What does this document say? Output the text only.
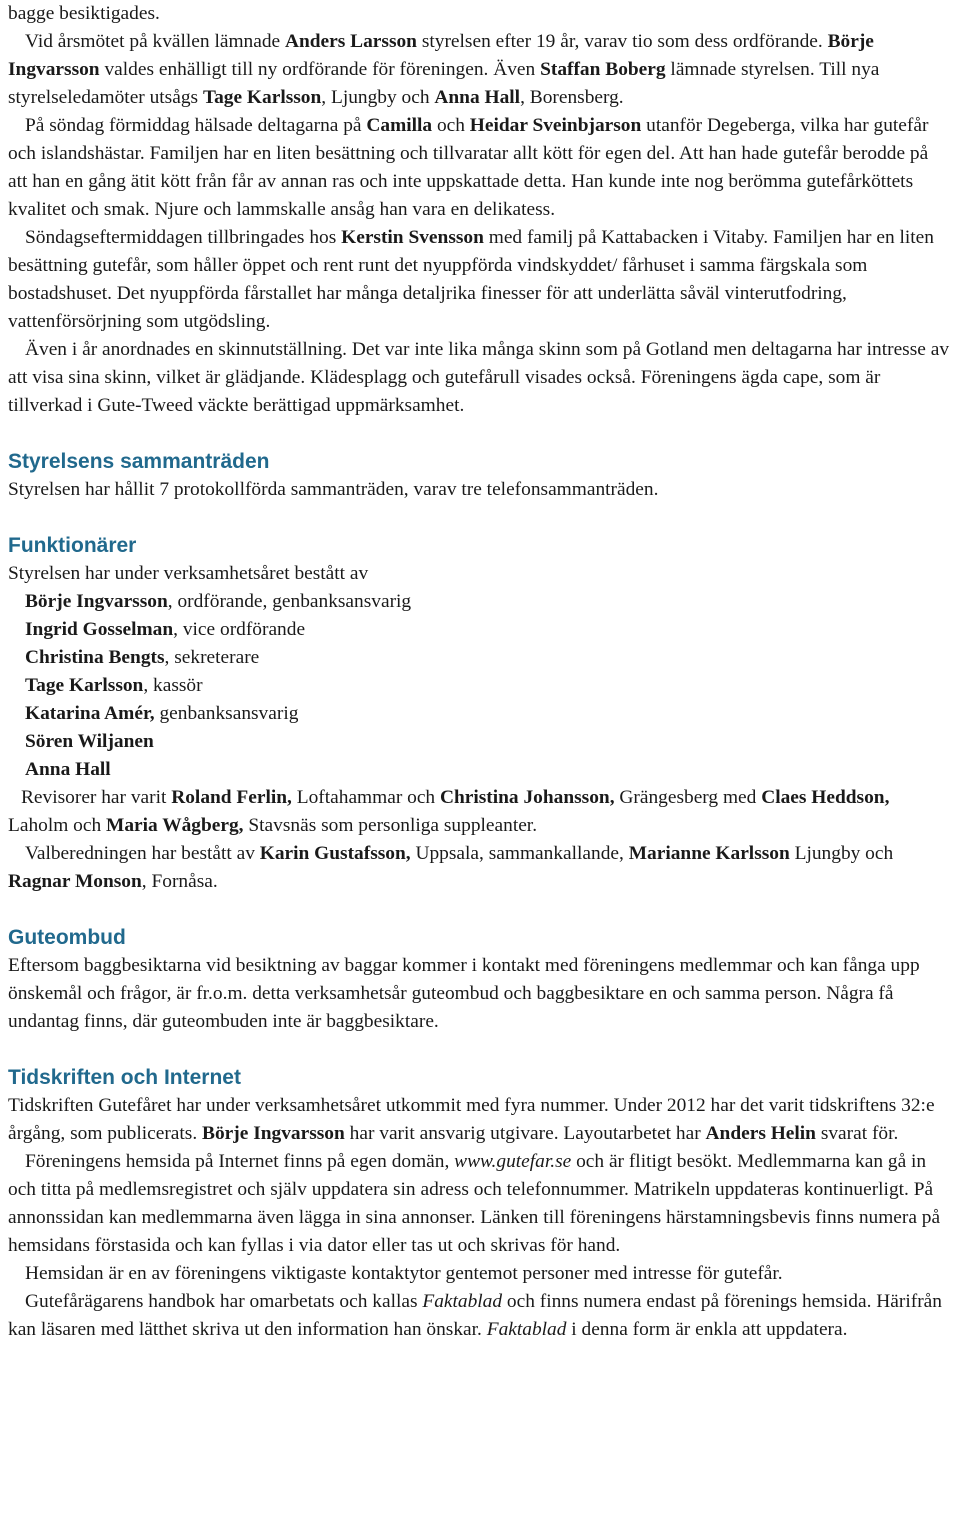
bagge besiktigades.

Vid årsmötet på kvällen lämnade Anders Larsson styrelsen efter 19 år, varav tio som dess ordförande. Börje Ingvarsson valdes enhälligt till ny ordförande för föreningen. Även Staffan Boberg lämnade styrelsen. Till nya styrelseledamöter utsågs Tage Karlsson, Ljungby och Anna Hall, Borensberg.

På söndag förmiddag hälsade deltagarna på Camilla och Heidar Sveinbjarson utanför Degeberga, vilka har gutefår och islandshästar. Familjen har en liten besättning och tillvaratar allt kött för egen del. Att han hade gutefår berodde på att han en gång ätit kött från får av annan ras och inte uppskattade detta. Han kunde inte nog berömma gutefårköttets kvalitet och smak. Njure och lammskalle ansåg han vara en delikatess.

Söndagseftermiddagen tillbringades hos Kerstin Svensson med familj på Kattabacken i Vitaby. Familjen har en liten besättning gutefår, som håller öppet och rent runt det nyuppförda vindskyddet/ fårhuset i samma färgskala som bostadshuset. Det nyuppförda fårstallet har många detaljrika finesser för att underlätta såväl vinterutfodring, vattenförsörjning som utgödsling.

Även i år anordnades en skinnutställning. Det var inte lika många skinn som på Gotland men deltagarna har intresse av att visa sina skinn, vilket är glädjande. Klädesplagg och gutefårull visades också. Föreningens ägda cape, som är tillverkad i Gute-Tweed väckte berättigad uppmärksamhet.

Styrelsens sammanträden

Styrelsen har hållit 7 protokollförda sammanträden, varav tre telefonsammanträden.

Funktionärer

Styrelsen har under verksamhetsåret bestått av

Börje Ingvarsson, ordförande, genbanksansvarig

Ingrid Gosselman, vice ordförande

Christina Bengts, sekreterare

Tage Karlsson, kassör

Katarina Amér, genbanksansvarig

Sören Wiljanen

Anna Hall

Revisorer har varit Roland Ferlin, Loftahammar och Christina Johansson, Grängesberg med Claes Heddson, Laholm och Maria Wågberg, Stavsnäs som personliga suppleanter.

Valberedningen har bestått av Karin Gustafsson, Uppsala, sammankallande, Marianne Karlsson Ljungby och Ragnar Monson, Fornåsa.

Guteombud

Eftersom baggbesiktarna vid besiktning av baggar kommer i kontakt med föreningens medlemmar och kan fånga upp önskemål och frågor, är fr.o.m. detta verksamhetsår guteombud och baggbesiktare en och samma person. Några få undantag finns, där guteombuden inte är baggbesiktare.

Tidskriften och Internet

Tidskriften Gutefåret har under verksamhetsåret utkommit med fyra nummer. Under 2012 har det varit tidskriftens 32:e årgång, som publicerats. Börje Ingvarsson har varit ansvarig utgivare. Layoutarbetet har Anders Helin svarat för.

Föreningens hemsida på Internet finns på egen domän, www.gutefar.se och är flitigt besökt. Medlemmarna kan gå in och titta på medlemsregistret och själv uppdatera sin adress och telefonnummer. Matrikeln uppdateras kontinuerligt. På annonssidan kan medlemmarna även lägga in sina annonser. Länken till föreningens härstamningsbevis finns numera på hemsidans förstasida och kan fyllas i via dator eller tas ut och skrivas för hand.

Hemsidan är en av föreningens viktigaste kontaktytor gentemot personer med intresse för gutefår.

Gutefårägarens handbok har omarbetats och kallas Faktablad och finns numera endast på förenings hemsida. Härifrån kan läsaren med lätthet skriva ut den information han önskar. Faktablad i denna form är enkla att uppdatera.
